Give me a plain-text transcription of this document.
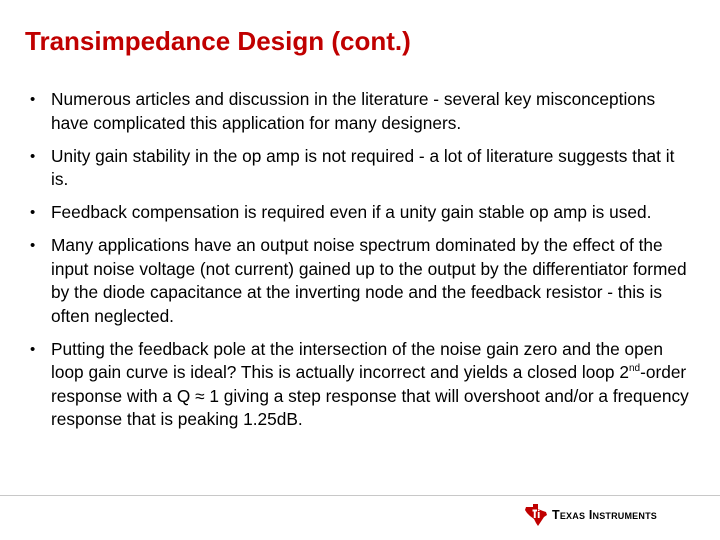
Transimpedance Design (cont.)
• Numerous articles and discussion in the literature - several key misconceptions have complicated this application for many designers.
• Unity gain stability in the op amp is not required - a lot of literature suggests that it is.
• Feedback compensation is required even if a unity gain stable op amp is used.
• Many applications have an output noise spectrum dominated by the effect of the input noise voltage (not current) gained up to the output by the differentiator formed by the diode capacitance at the inverting node and the feedback resistor - this is often neglected.
• Putting the feedback pole at the intersection of the noise gain zero and the open loop gain curve is ideal? This is actually incorrect and yields a closed loop 2nd-order response with a Q ≈ 1 giving a step response that will overshoot and/or a frequency response that is peaking 1.25dB.
Texas Instruments
